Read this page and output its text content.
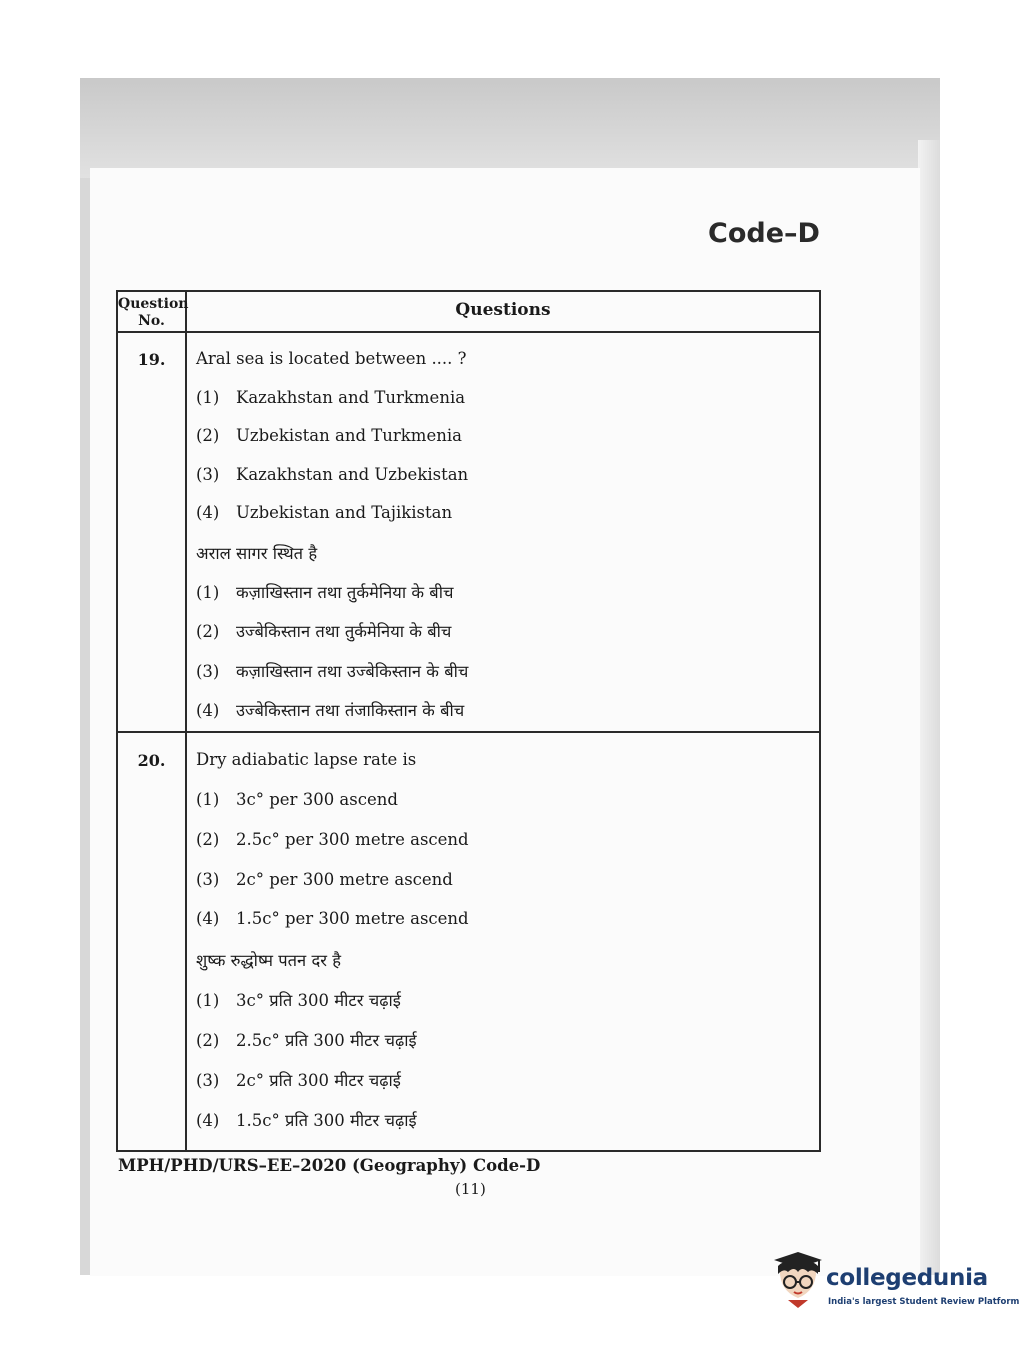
Code–D
Question
No.
Questions
19.	Aral sea is located between .... ?
(1) Kazakhstan and Turkmenia
(2) Uzbekistan and Turkmenia
(3) Kazakhstan and Uzbekistan
(4) Uzbekistan and Tajikistan
अराल सागर स्थित है
(1) कज़ाखिस्तान तथा तुर्कमेनिया के बीच
(2) उज्बेकिस्तान तथा तुर्कमेनिया के बीच
(3) कज़ाखिस्तान तथा उज्बेकिस्तान के बीच
(4) उज्बेकिस्तान तथा तंजाकिस्तान के बीच
20.	Dry adiabatic lapse rate is
(1) 3c° per 300 ascend
(2) 2.5c° per 300 metre ascend
(3) 2c° per 300 metre ascend
(4) 1.5c° per 300 metre ascend
शुष्क रुद्धोष्म पतन दर है
(1) 3c° प्रति 300 मीटर चढ़ाई
(2) 2.5c° प्रति 300 मीटर चढ़ाई
(3) 2c° प्रति 300 मीटर चढ़ाई
(4) 1.5c° प्रति 300 मीटर चढ़ाई
MPH/PHD/URS–EE–2020 (Geography) Code-D
(11)
collegedunia
India's largest Student Review Platform
